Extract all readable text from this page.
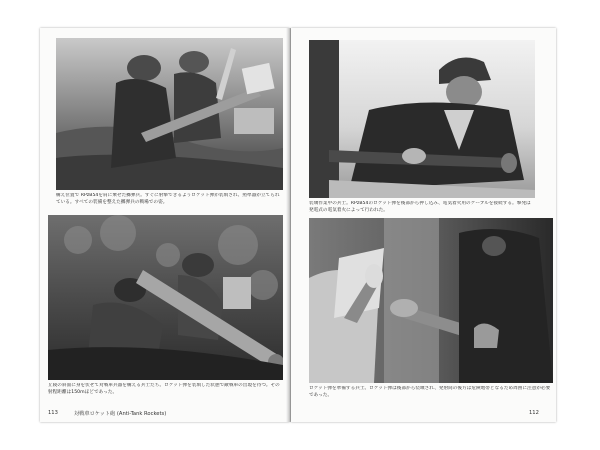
構え位置で RPzB54を肩に乗せた擲弾兵。すぐに射撃できるようロケット弾が装填され、照準器が立てられている。すべての装備を整えた擲弾兵の戦場での姿。
丘陵の斜面に身を伏せて対戦車兵器を構える兵士たち。ロケット弾を装填した状態で敵戦車の出現を待つ。その射程距離は150mほどであった。
113	対戦車ロケット砲 (Anti-Tank Rockets)
装塡作業中の兵士。RPzB54のロケット弾を後部から押し込み、電気着火用のケーブルを接続する。撃発は発電式の電気着火によって行われた。
ロケット弾を準備する兵士。ロケット弾は後部から装塡され、発射筒の後方は危険地帯となるため周囲に注意が必要であった。
112
